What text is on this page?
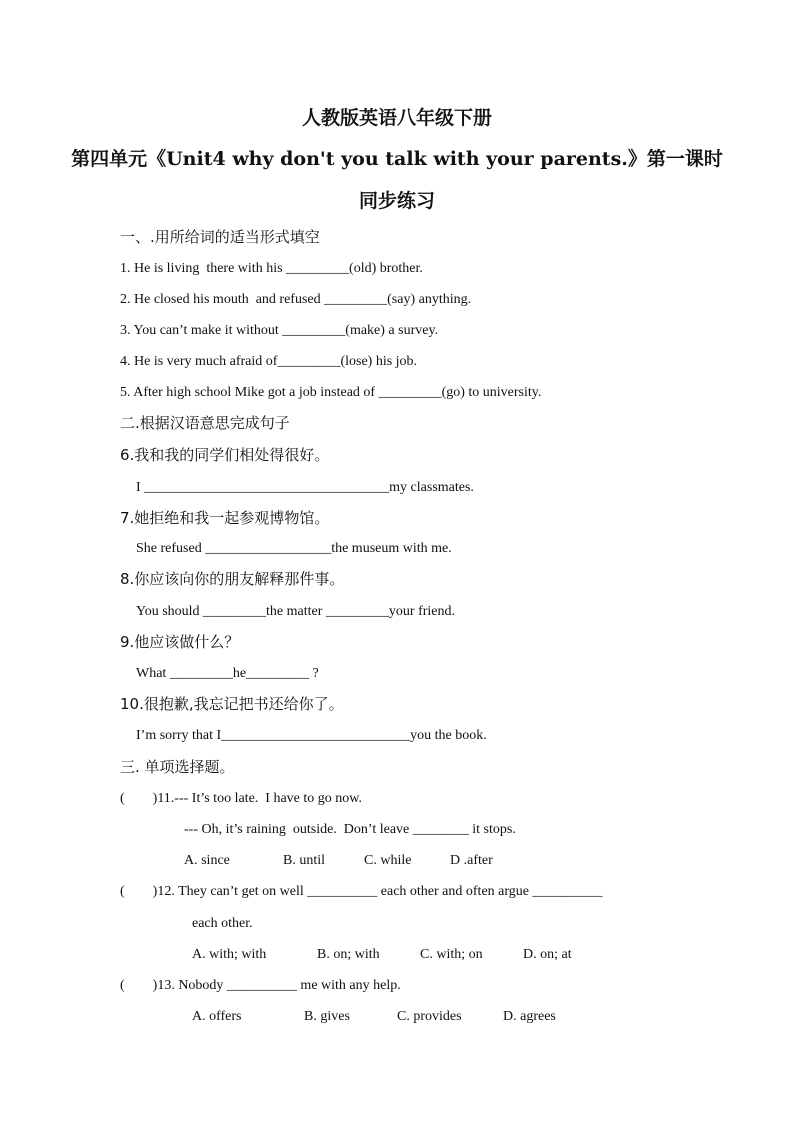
人教版英语八年级下册
第四单元《Unit4 why don't you talk with your parents.》第一课时
同步练习
一、.用所给词的适当形式填空
1. He is living  there with his _________(old) brother.
2. He closed his mouth  and refused _________(say) anything.
3. You can’t make it without _________(make) a survey.
4. He is very much afraid of_________(lose) his job.
5. After high school Mike got a job instead of _________(go) to university.
二.根据汉语意思完成句子
6.我和我的同学们相处得很好。
I ___________________________________my classmates.
7.她拒绝和我一起参观博物馆。
She refused __________________the museum with me.
8.你应该向你的朋友解释那件事。
You should _________the matter _________your friend.
9.他应该做什么？
What _________he_________ ?
10.很抱歉,我忘记把书还给你了。
I’m sorry that I___________________________you the book.
三. 单项选择题。
(        )11.--- It’s too late.  I have to go now.
--- Oh, it’s raining  outside.  Don’t leave ________ it stops.
A. since	B. until	C. while	D .after
(        )12. They can’t get on well __________ each other and often argue __________
each other.
A. with; with	B. on; with	C. with; on	D. on; at
(        )13. Nobody __________ me with any help.
A. offers	B. gives	C. provides	D. agrees
